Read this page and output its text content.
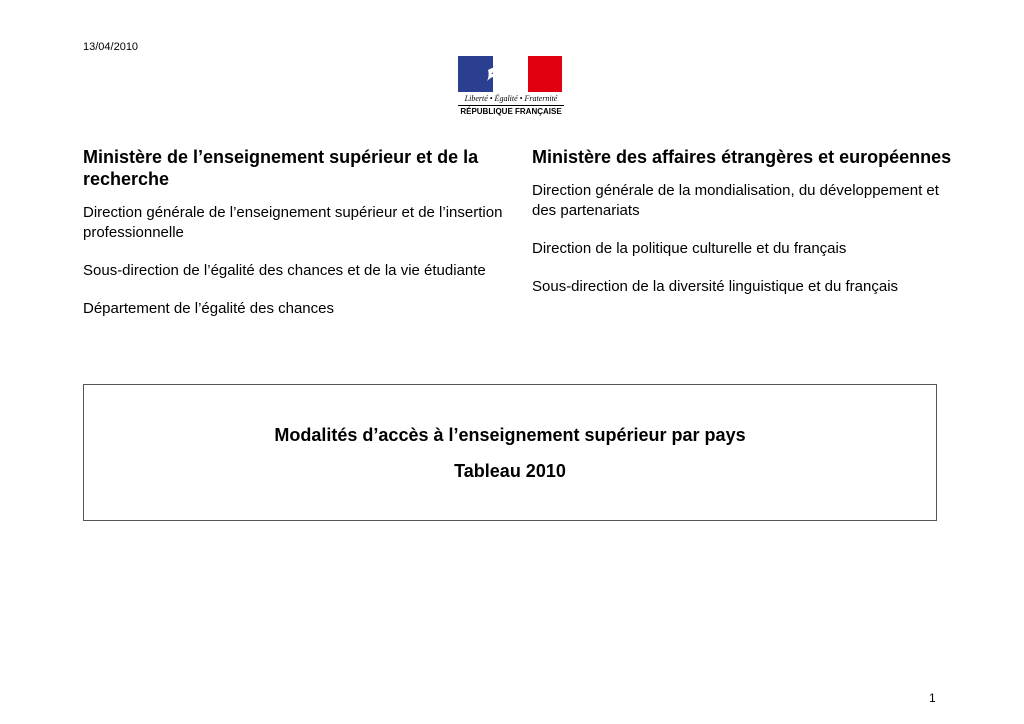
13/04/2010
Liberté • Égalité • Fraternité
RÉPUBLIQUE FRANÇAISE
Ministère de l’enseignement supérieur et de la recherche

Direction générale de l’enseignement supérieur et de l’insertion professionnelle

Sous-direction de l’égalité des chances et de la vie étudiante

Département de l’égalité des chances

Ministère des affaires étrangères et européennes

Direction générale de la mondialisation, du développement et des partenariats

Direction de la politique culturelle et du français

Sous-direction de la diversité linguistique et du français

Modalités d’accès à l’enseignement supérieur par pays
Tableau 2010
1
